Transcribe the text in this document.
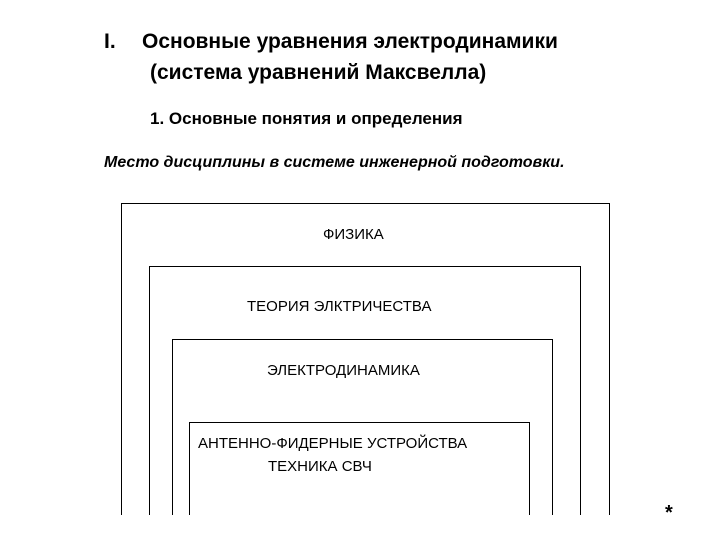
I. Основные уравнения электродинамики
(система уравнений Максвелла)
1. Основные понятия и определения
Место дисциплины в системе инженерной подготовки.
ФИЗИКА
ТЕОРИЯ ЭЛКТРИЧЕСТВА
ЭЛЕКТРОДИНАМИКА
АНТЕННО-ФИДЕРНЫЕ УСТРОЙСТВА
ТЕХНИКА СВЧ
*
